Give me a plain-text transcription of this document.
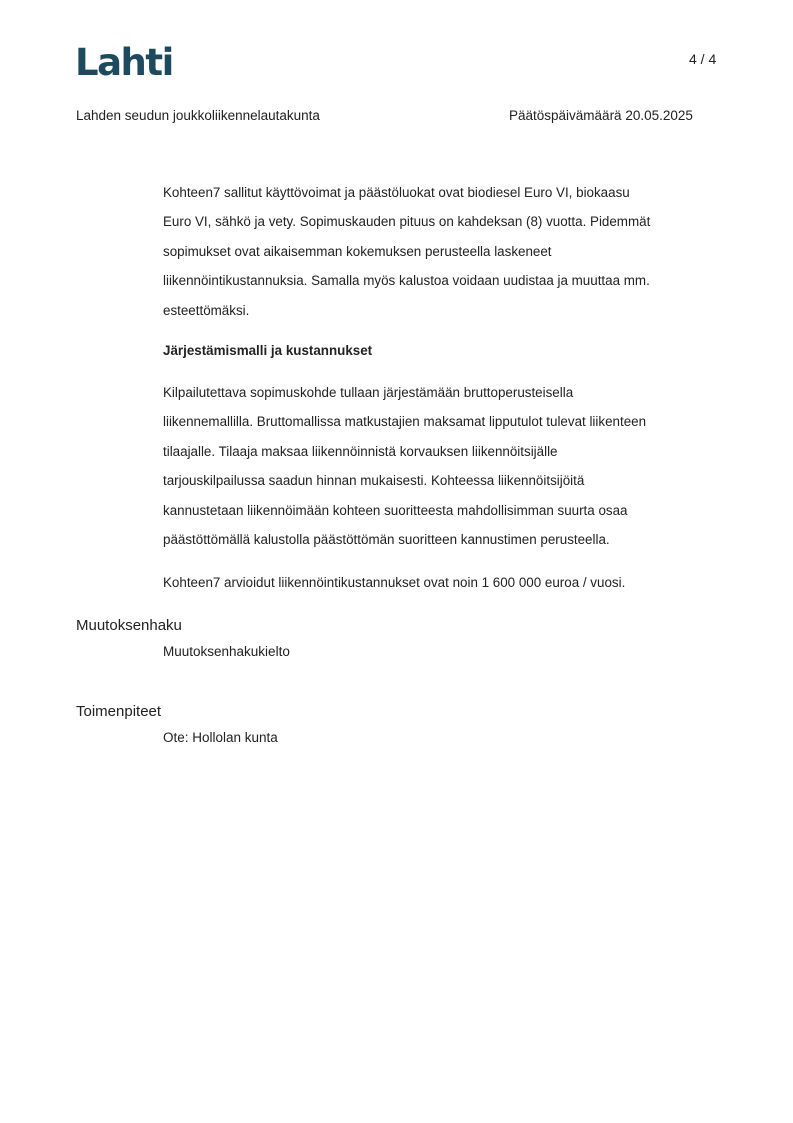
Lahti	4 / 4
Lahden seudun joukkoliikennelautakunta	Päätöspäivämäärä 20.05.2025

Kohteen7 sallitut käyttövoimat ja päästöluokat ovat biodiesel Euro VI, biokaasu

Euro VI, sähkö ja vety. Sopimuskauden pituus on kahdeksan (8) vuotta. Pidemmät

sopimukset ovat aikaisemman kokemuksen perusteella laskeneet

liikennöintikustannuksia. Samalla myös kalustoa voidaan uudistaa ja muuttaa mm.

esteettömäksi.

Järjestämismalli ja kustannukset

Kilpailutettava sopimuskohde tullaan järjestämään bruttoperusteisella

liikennemallilla. Bruttomallissa matkustajien maksamat lipputulot tulevat liikenteen

tilaajalle. Tilaaja maksaa liikennöinnistä korvauksen liikennöitsijälle

tarjouskilpailussa saadun hinnan mukaisesti. Kohteessa liikennöitsijöitä

kannustetaan liikennöimään kohteen suoritteesta mahdollisimman suurta osaa

päästöttömällä kalustolla päästöttömän suoritteen kannustimen perusteella.

Kohteen7 arvioidut liikennöintikustannukset ovat noin 1 600 000 euroa / vuosi.

Muutoksenhaku
Muutoksenhakukielto
Toimenpiteet
Ote: Hollolan kunta
